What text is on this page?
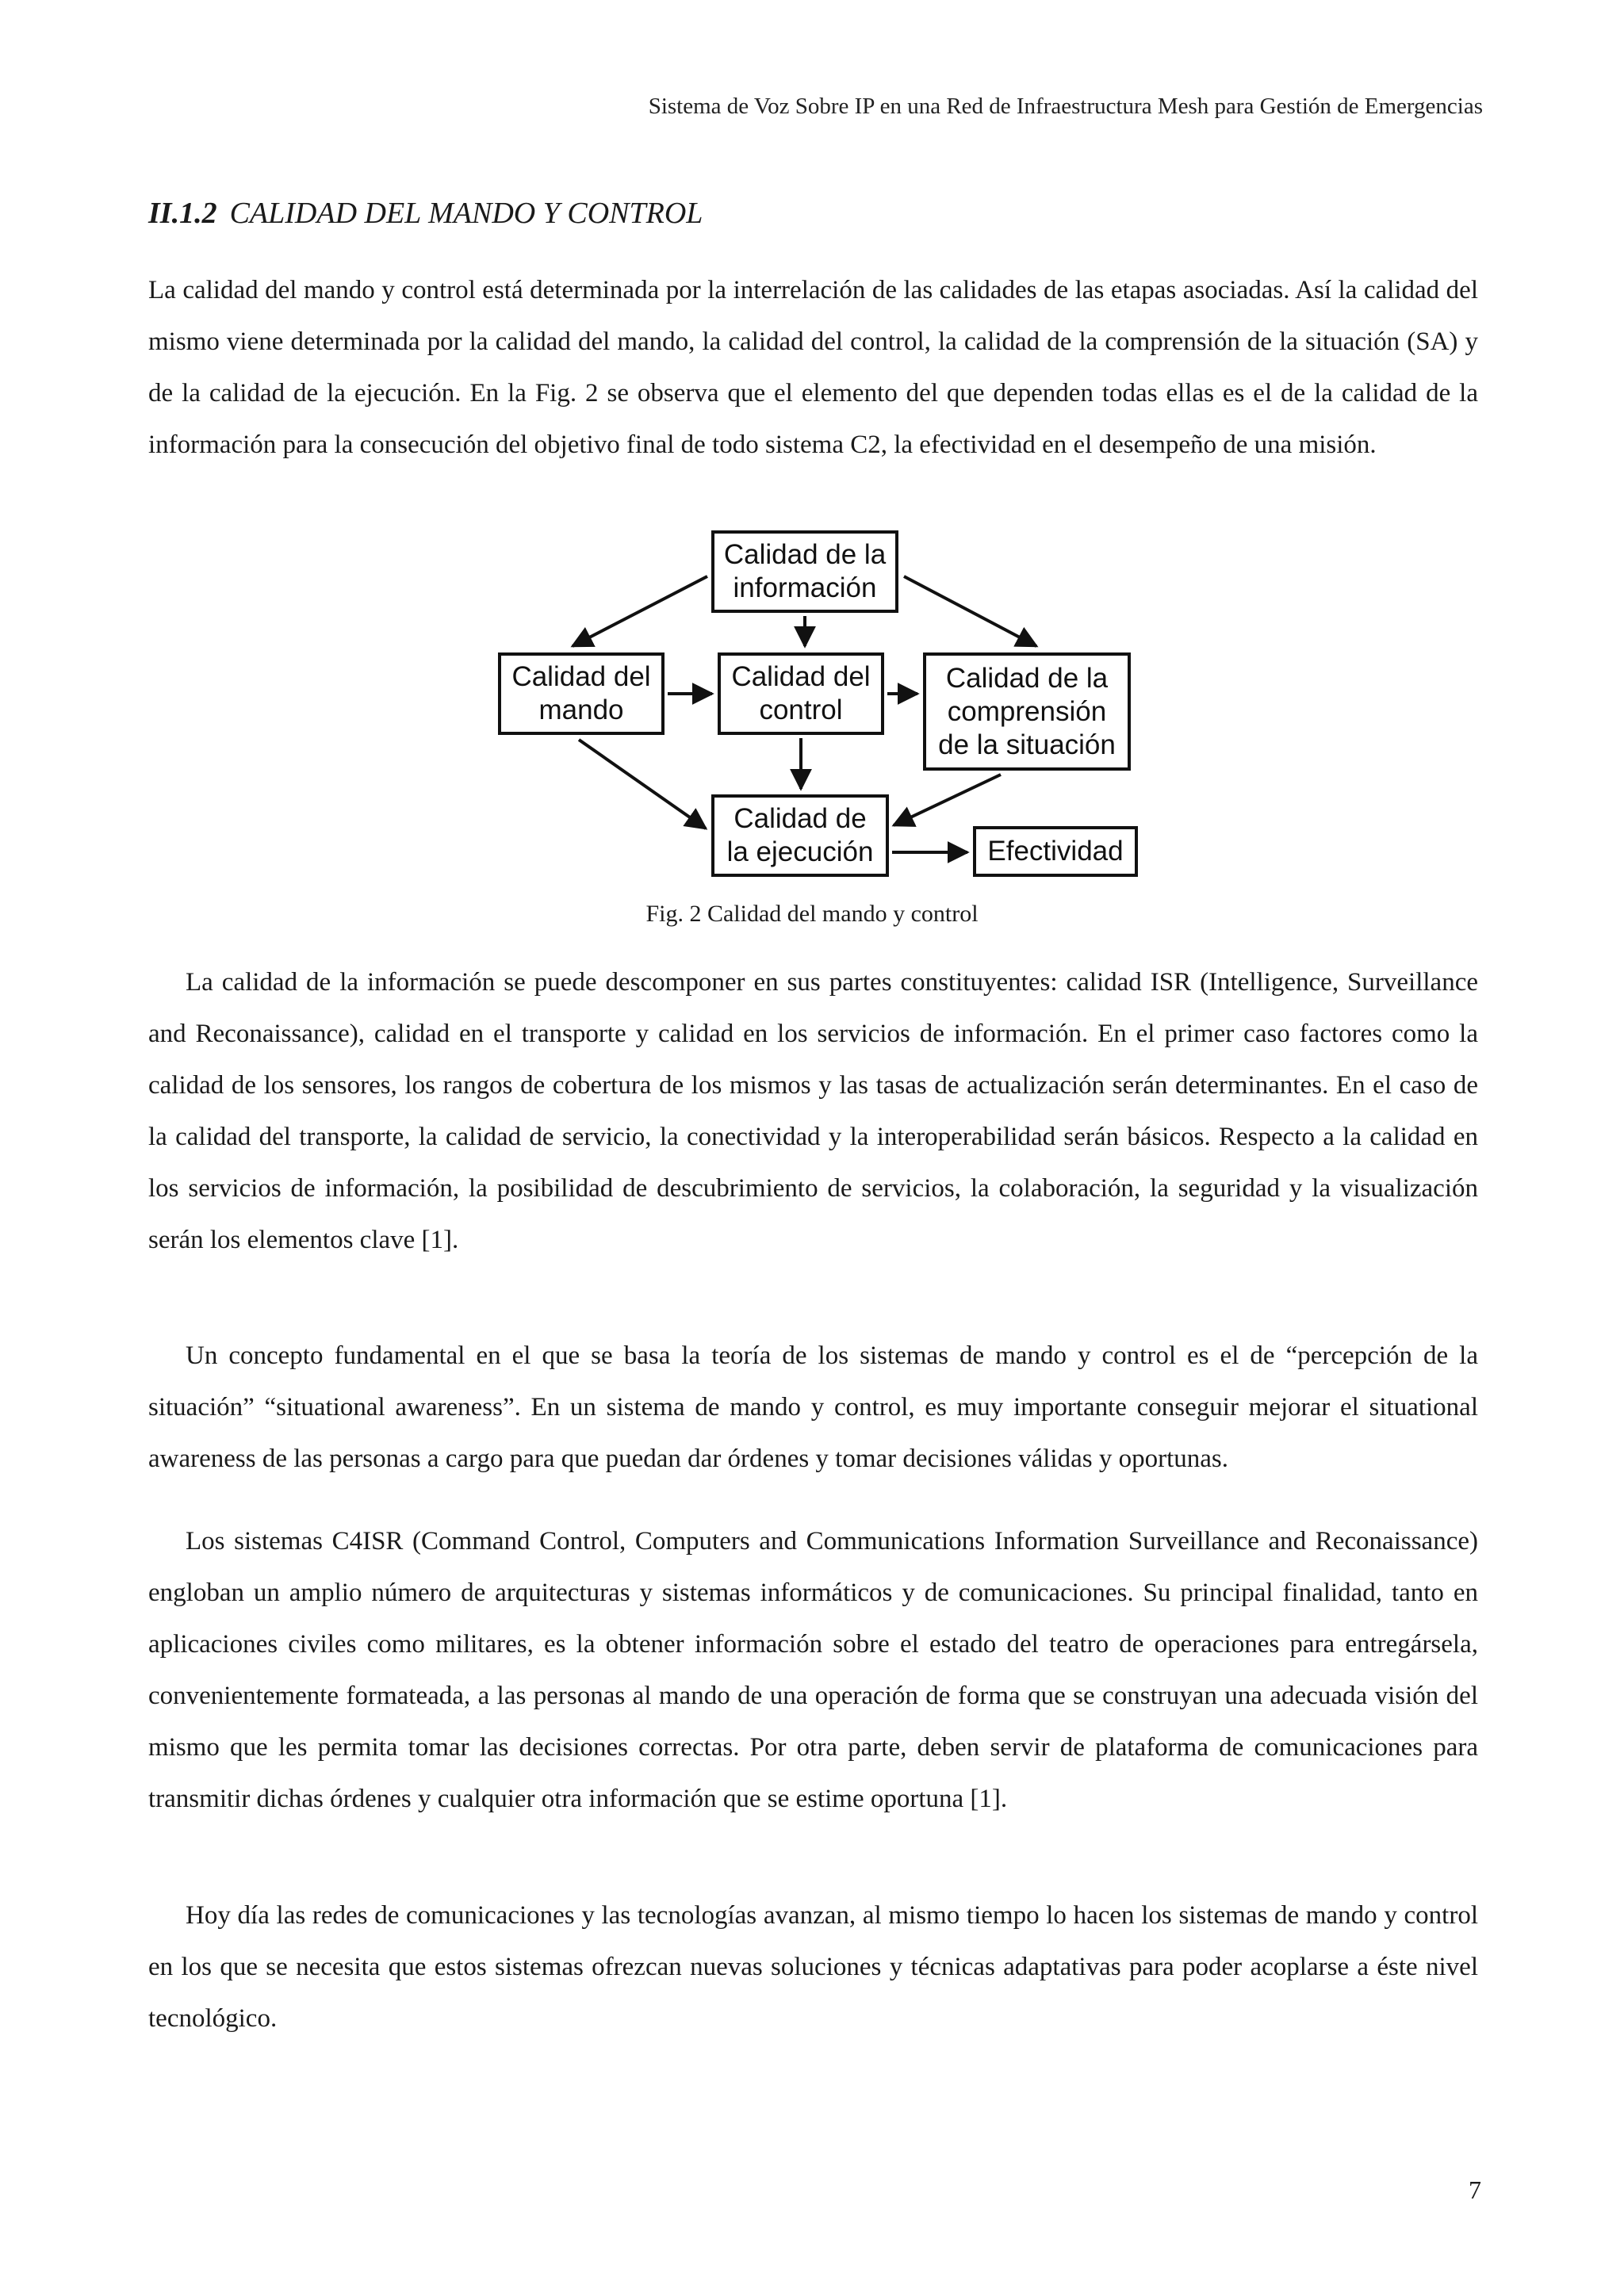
Sistema de Voz Sobre IP en una Red de Infraestructura Mesh para Gestión de Emergencias
II.1.2 CALIDAD DEL MANDO Y CONTROL

La calidad del mando y control está determinada por la interrelación de las calidades de las etapas asociadas. Así la calidad del mismo viene determinada por la calidad del mando, la calidad del control, la calidad de la comprensión de la situación (SA) y de la calidad de la ejecución. En la Fig. 2 se observa que el elemento del que dependen todas ellas es el de la calidad de la información para la consecución del objetivo final de todo sistema C2, la efectividad en el desempeño de una misión.

Calidad de la
información
Calidad del
mando
Calidad del
control
Calidad de la
comprensión
de la situación
Calidad de
la ejecución	Efectividad

Fig. 2 Calidad del mando y control

La calidad de la información se puede descomponer en sus partes constituyentes: calidad ISR (Intelligence, Surveillance and Reconaissance), calidad en el transporte y calidad en los servicios de información. En el primer caso factores como la calidad de los sensores, los rangos de cobertura de los mismos y las tasas de actualización serán determinantes. En el caso de la calidad del transporte, la calidad de servicio, la conectividad y la interoperabilidad serán básicos. Respecto a la calidad en los servicios de información, la posibilidad de descubrimiento de servicios, la colaboración, la seguridad y la visualización serán los elementos clave [1].

Un concepto fundamental en el que se basa la teoría de los sistemas de mando y control es el de “percepción de la situación” “situational awareness”. En un sistema de mando y control, es muy importante conseguir mejorar el situational awareness de las personas a cargo para que puedan dar órdenes y tomar decisiones válidas y oportunas.

Los sistemas C4ISR (Command Control, Computers and Communications Information Surveillance and Reconaissance) engloban un amplio número de arquitecturas y sistemas informáticos y de comunicaciones. Su principal finalidad, tanto en aplicaciones civiles como militares, es la obtener información sobre el estado del teatro de operaciones para entregársela, convenientemente formateada, a las personas al mando de una operación de forma que se construyan una adecuada visión del mismo que les permita tomar las decisiones correctas. Por otra parte, deben servir de plataforma de comunicaciones para transmitir dichas órdenes y cualquier otra información que se estime oportuna [1].

Hoy día las redes de comunicaciones y las tecnologías avanzan, al mismo tiempo lo hacen los sistemas de mando y control en los que se necesita que estos sistemas ofrezcan nuevas soluciones y técnicas adaptativas para poder acoplarse a éste nivel tecnológico.

7
